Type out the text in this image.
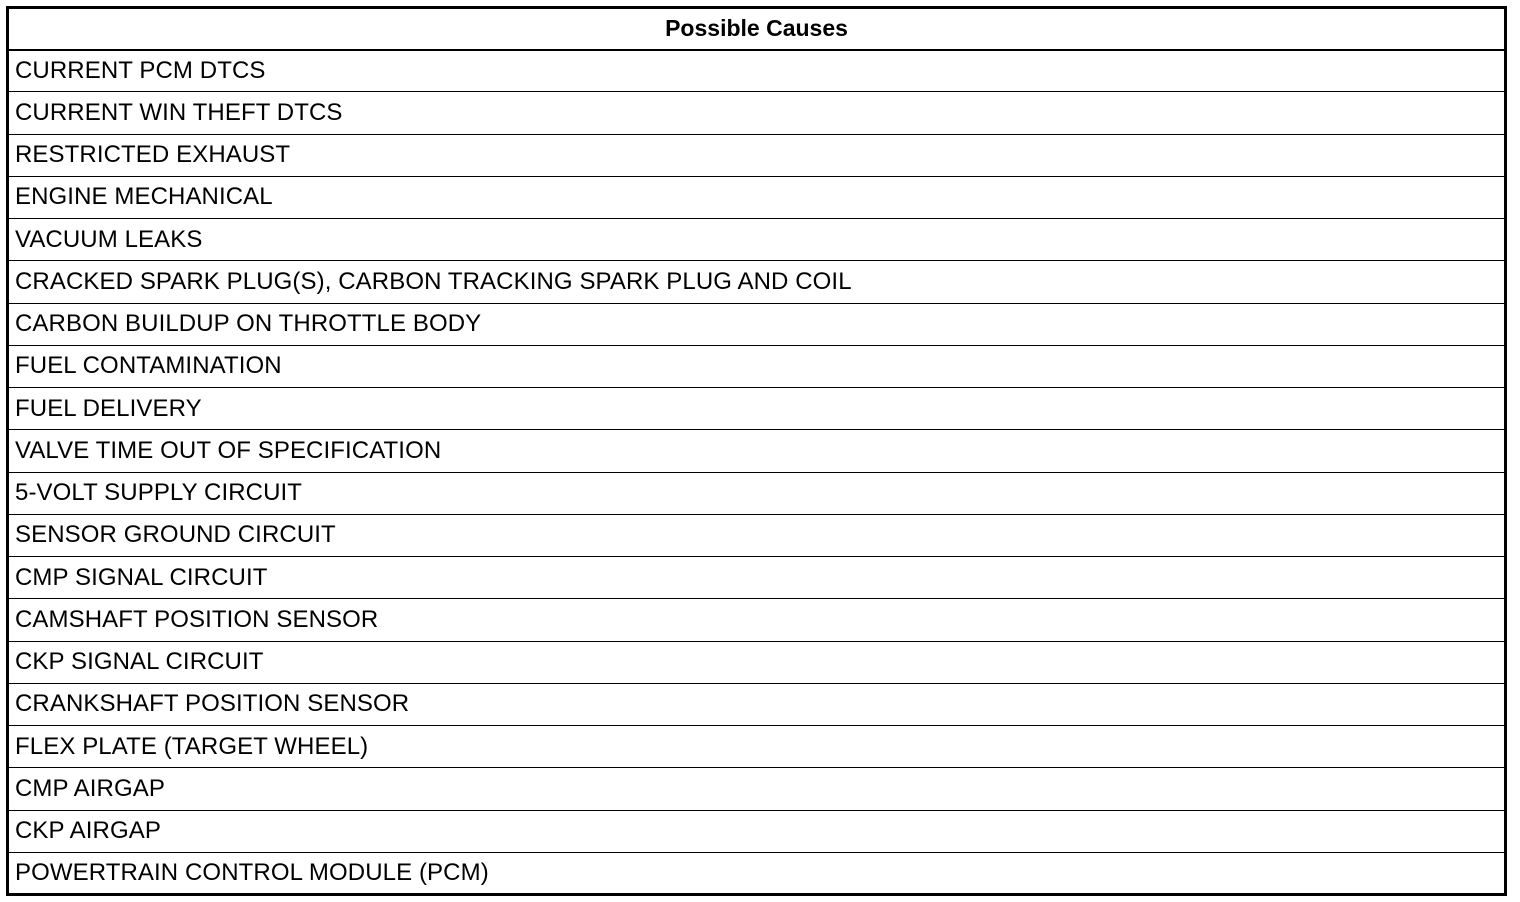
Possible Causes
CURRENT PCM DTCS
CURRENT WIN THEFT DTCS
RESTRICTED EXHAUST
ENGINE MECHANICAL
VACUUM LEAKS
CRACKED SPARK PLUG(S), CARBON TRACKING SPARK PLUG AND COIL
CARBON BUILDUP ON THROTTLE BODY
FUEL CONTAMINATION
FUEL DELIVERY
VALVE TIME OUT OF SPECIFICATION
5-VOLT SUPPLY CIRCUIT
SENSOR GROUND CIRCUIT
CMP SIGNAL CIRCUIT
CAMSHAFT POSITION SENSOR
CKP SIGNAL CIRCUIT
CRANKSHAFT POSITION SENSOR
FLEX PLATE (TARGET WHEEL)
CMP AIRGAP
CKP AIRGAP
POWERTRAIN CONTROL MODULE (PCM)
